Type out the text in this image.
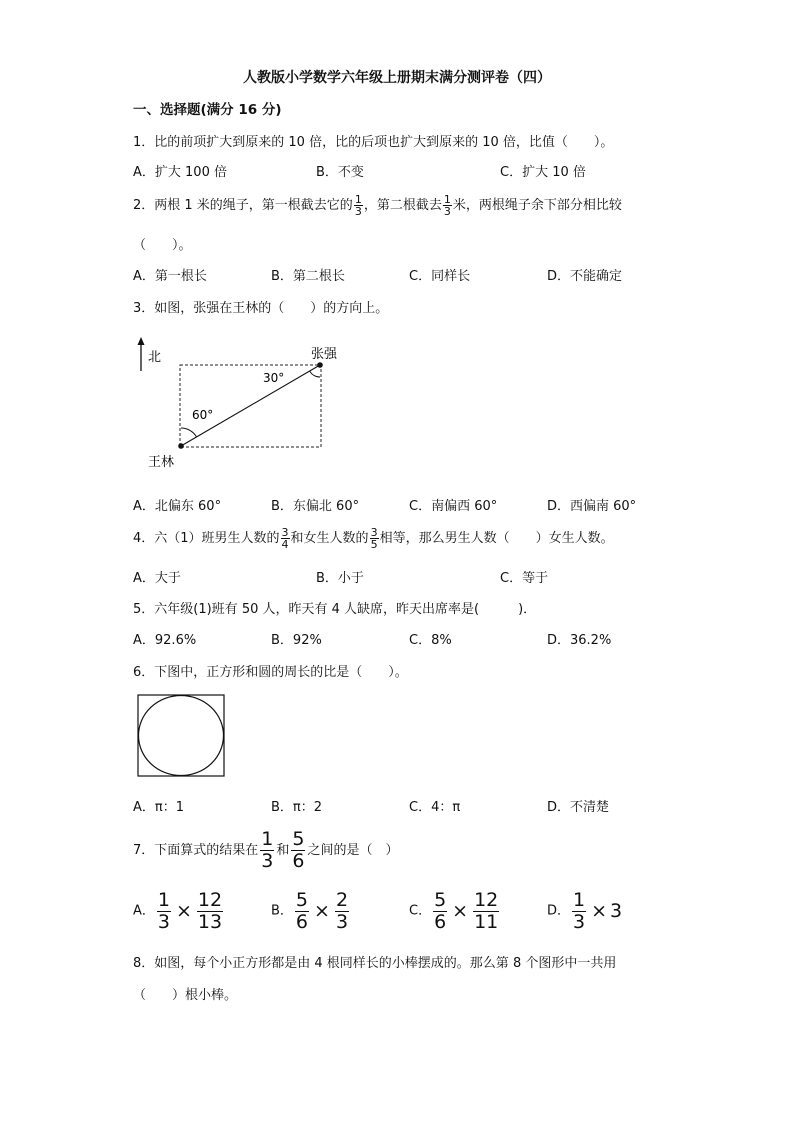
人教版小学数学六年级上册期末满分测评卷（四）
一、选择题(满分 16 分)
1．比的前项扩大到原来的 10 倍，比的后项也扩大到原来的 10 倍，比值（　　）。
A．扩大 100 倍	B．不变	C．扩大 10 倍
2．两根 1 米的绳子，第一根截去它的 $\frac{1}{3}$ ，第二根截去 $\frac{1}{3}$ 米，两根绳子余下部分相比较
（　　）。
A．第一根长	B．第二根长	C．同样长	D．不能确定
3．如图，张强在王林的（　　）的方向上。
北
60°
30°
张强
王林
A．北偏东 60°	B．东偏北 60°	C．南偏西 60°	D．西偏南 60°
4．六（1）班男生人数的 $\frac{3}{4}$ 和女生人数的 $\frac{3}{5}$ 相等，那么男生人数（　　）女生人数。
A．大于	B．小于	C．等于
5．六年级(1)班有 50 人，昨天有 4 人缺席，昨天出席率是(　　　)．
A．92.6%	B．92%	C．8%	D．36.2%
6．下图中，正方形和圆的周长的比是（　　）。
A．π：1	B．π：2	C．4：π	D．不清楚
7．下面算式的结果在 $\frac{1}{3}$ 和 $\frac{5}{6}$ 之间的是（　）
A． $\frac{1}{3} \times \frac{12}{13}$	B． $\frac{5}{6} \times \frac{2}{3}$	C． $\frac{5}{6} \times \frac{12}{11}$	D． $\frac{1}{3} \times 3$
8．如图，每个小正方形都是由 4 根同样长的小棒摆成的。那么第 8 个图形中一共用
（　　）根小棒。
